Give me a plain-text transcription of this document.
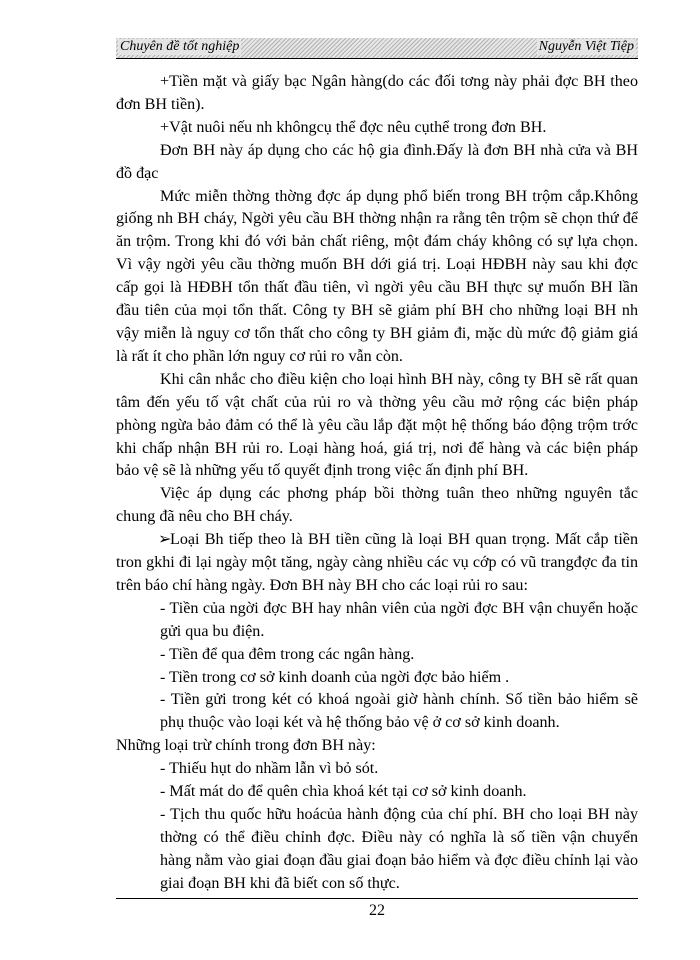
Chuyên đề tốt nghiệp	Nguyễn Việt Tiệp

+Tiền mặt và giấy bạc Ngân hàng(do các đối tơng này phải đợc BH theo đơn BH tiền).

+Vật nuôi nếu nh khôngcụ thể đợc nêu cụthể trong đơn BH.

Đơn BH này áp dụng cho các hộ gia đình.Đấy là đơn BH nhà cửa và BH đồ đạc

Mức miễn thờng thờng đợc áp dụng phổ biến trong BH trộm cắp.Không giống nh BH cháy, Ngời yêu cầu BH thờng nhận ra rằng tên trộm sẽ chọn thứ để ăn trộm. Trong khi đó với bản chất riêng, một đám cháy không có sự lựa chọn. Vì vậy ngời yêu cầu thờng muốn BH dới giá trị. Loại HĐBH này sau khi đợc cấp gọi là HĐBH tổn thất đầu tiên, vì ngời yêu cầu BH thực sự muốn BH lần đầu tiên của mọi tổn thất. Công ty BH sẽ giảm phí BH cho những loại BH nh vậy miễn là nguy cơ tổn thất cho công ty BH giảm đi, mặc dù mức độ giảm giá là rất ít cho phần lớn nguy cơ rủi ro vẫn còn.

Khi cân nhắc cho điều kiện cho loại hình BH này, công ty BH sẽ rất quan tâm đến yếu tố vật chất của rủi ro và thờng yêu cầu mở rộng các biện pháp phòng ngừa bảo đảm có thể là yêu cầu lắp đặt một hệ thống báo động trộm trớc khi chấp nhận BH rủi ro. Loại hàng hoá, giá trị, nơi để hàng và các biện pháp bảo vệ sẽ là những yếu tố quyết định trong việc ấn định phí BH.

Việc áp dụng các phơng pháp bồi thờng tuân theo những nguyên tắc chung đã nêu cho BH cháy.

➢Loại Bh tiếp theo là BH tiền cũng là loại BH quan trọng. Mất cắp tiền tron gkhi đi lại ngày một tăng, ngày càng nhiều các vụ cớp có vũ trangđợc đa tin trên báo chí hàng ngày. Đơn BH này BH cho các loại rủi ro sau:

- Tiền của ngời đợc BH hay nhân viên của ngời đợc BH vận chuyển hoặc gửi qua bu điện.

- Tiền để qua đêm trong các ngân hàng.

- Tiền trong cơ sở kinh doanh của ngời đợc bảo hiểm .

- Tiền gửi trong két có khoá ngoài giờ hành chính. Số tiền bảo hiểm sẽ phụ thuộc vào loại két và hệ thống bảo vệ ở cơ sở kinh doanh.

Những loại trừ chính trong đơn BH này:

- Thiếu hụt do nhầm lẫn vì bỏ sót.

- Mất mát do để quên chìa khoá két tại cơ sở kinh doanh.

- Tịch thu quốc hữu hoácủa hành động của chí phí. BH cho loại BH này thờng có thể điều chỉnh đợc. Điều này có nghĩa là số tiền vận chuyển hàng nằm vào giai đoạn đầu giai đoạn bảo hiểm và đợc điều chỉnh lại vào giai đoạn BH khi đã biết con số thực.

22
